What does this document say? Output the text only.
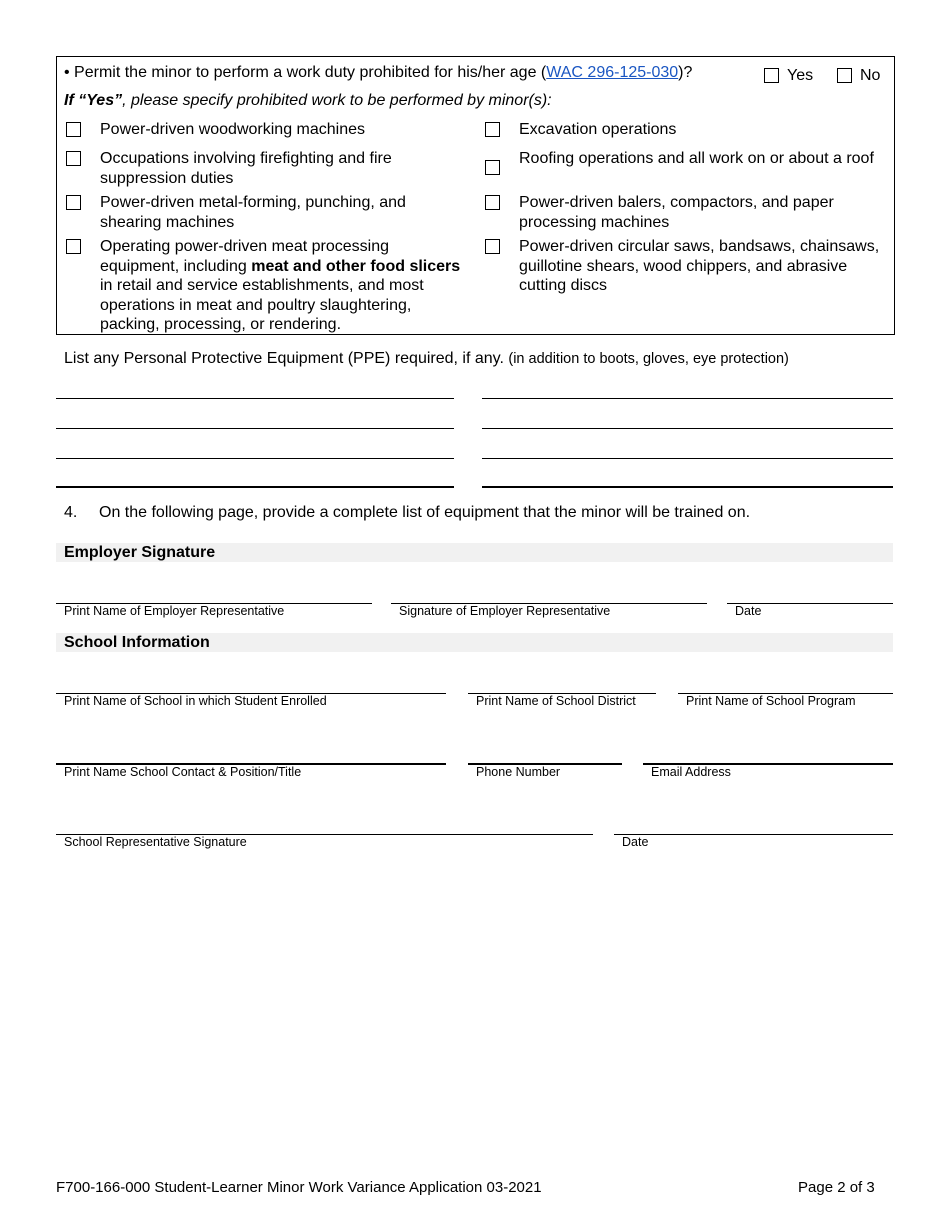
• Permit the minor to perform a work duty prohibited for his/her age (WAC 296-125-030)?	Yes	No
If “Yes”, please specify prohibited work to be performed by minor(s):
Power-driven woodworking machines
Occupations involving firefighting and fire suppression duties
Power-driven metal-forming, punching, and shearing machines
Operating power-driven meat processing equipment, including meat and other food slicers in retail and service establishments, and most operations in meat and poultry slaughtering, packing, processing, or rendering.
Excavation operations
Roofing operations and all work on or about a roof
Power-driven balers, compactors, and paper processing machines
Power-driven circular saws, bandsaws, chainsaws, guillotine shears, wood chippers, and abrasive cutting discs
List any Personal Protective Equipment (PPE) required, if any. (in addition to boots, gloves, eye protection)
4. On the following page, provide a complete list of equipment that the minor will be trained on.
Employer Signature
Print Name of Employer Representative	Signature of Employer Representative	Date
School Information
Print Name of School in which Student Enrolled	Print Name of School District	Print Name of School Program
Print Name School Contact & Position/Title	Phone Number	Email Address
School Representative Signature	Date
F700-166-000 Student-Learner Minor Work Variance Application 03-2021	Page 2 of 3
